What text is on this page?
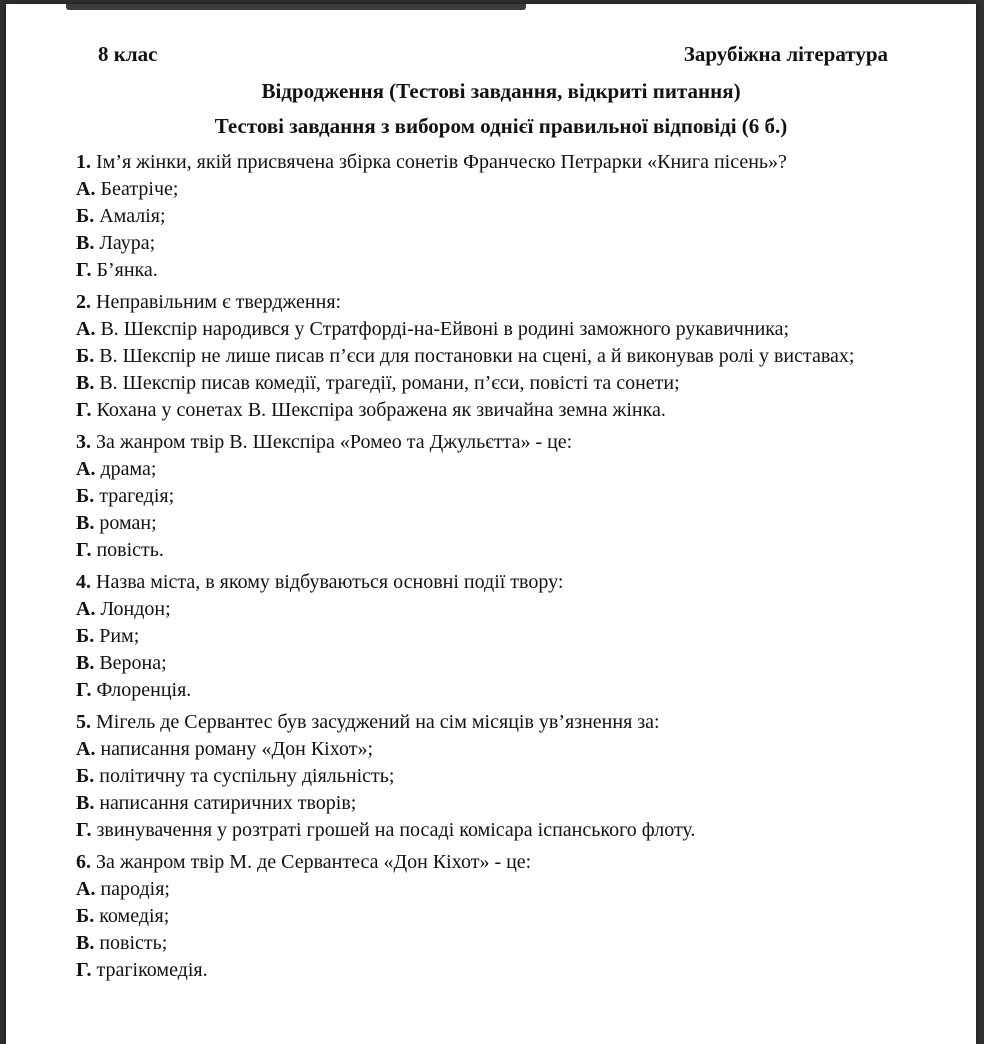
8 клас	Зарубіжна література
Відродження (Тестові завдання, відкриті питання)
Тестові завдання з вибором однієї правильної відповіді (6 б.)

1. Ім’я жінки, якій присвячена збірка сонетів Франческо Петрарки «Книга пісень»?

А. Беатріче;

Б. Амалія;

В. Лаура;

Г. Б’янка.

2. Неправільним є твердження:

А. В. Шекспір народився у Стратфорді-на-Ейвоні в родині заможного рукавичника;

Б. В. Шекспір не лише писав п’єси для постановки на сцені, а й виконував ролі у виставах;

В. В. Шекспір писав комедії, трагедії, романи, п’єси, повісті та сонети;

Г. Кохана у сонетах В. Шекспіра зображена як звичайна земна жінка.

3. За жанром твір В. Шекспіра «Ромео та Джульєтта» - це:

А. драма;

Б. трагедія;

В. роман;

Г. повість.

4. Назва міста, в якому відбуваються основні події твору:

А. Лондон;

Б. Рим;

В. Верона;

Г. Флоренція.

5. Мігель де Сервантес був засуджений на сім місяців ув’язнення за:

А. написання роману «Дон Кіхот»;

Б. політичну та суспільну діяльність;

В. написання сатиричних творів;

Г. звинувачення у розтраті грошей на посаді комісара іспанського флоту.

6. За жанром твір М. де Сервантеса «Дон Кіхот» - це:

А. пародія;

Б. комедія;

В. повість;

Г. трагікомедія.
